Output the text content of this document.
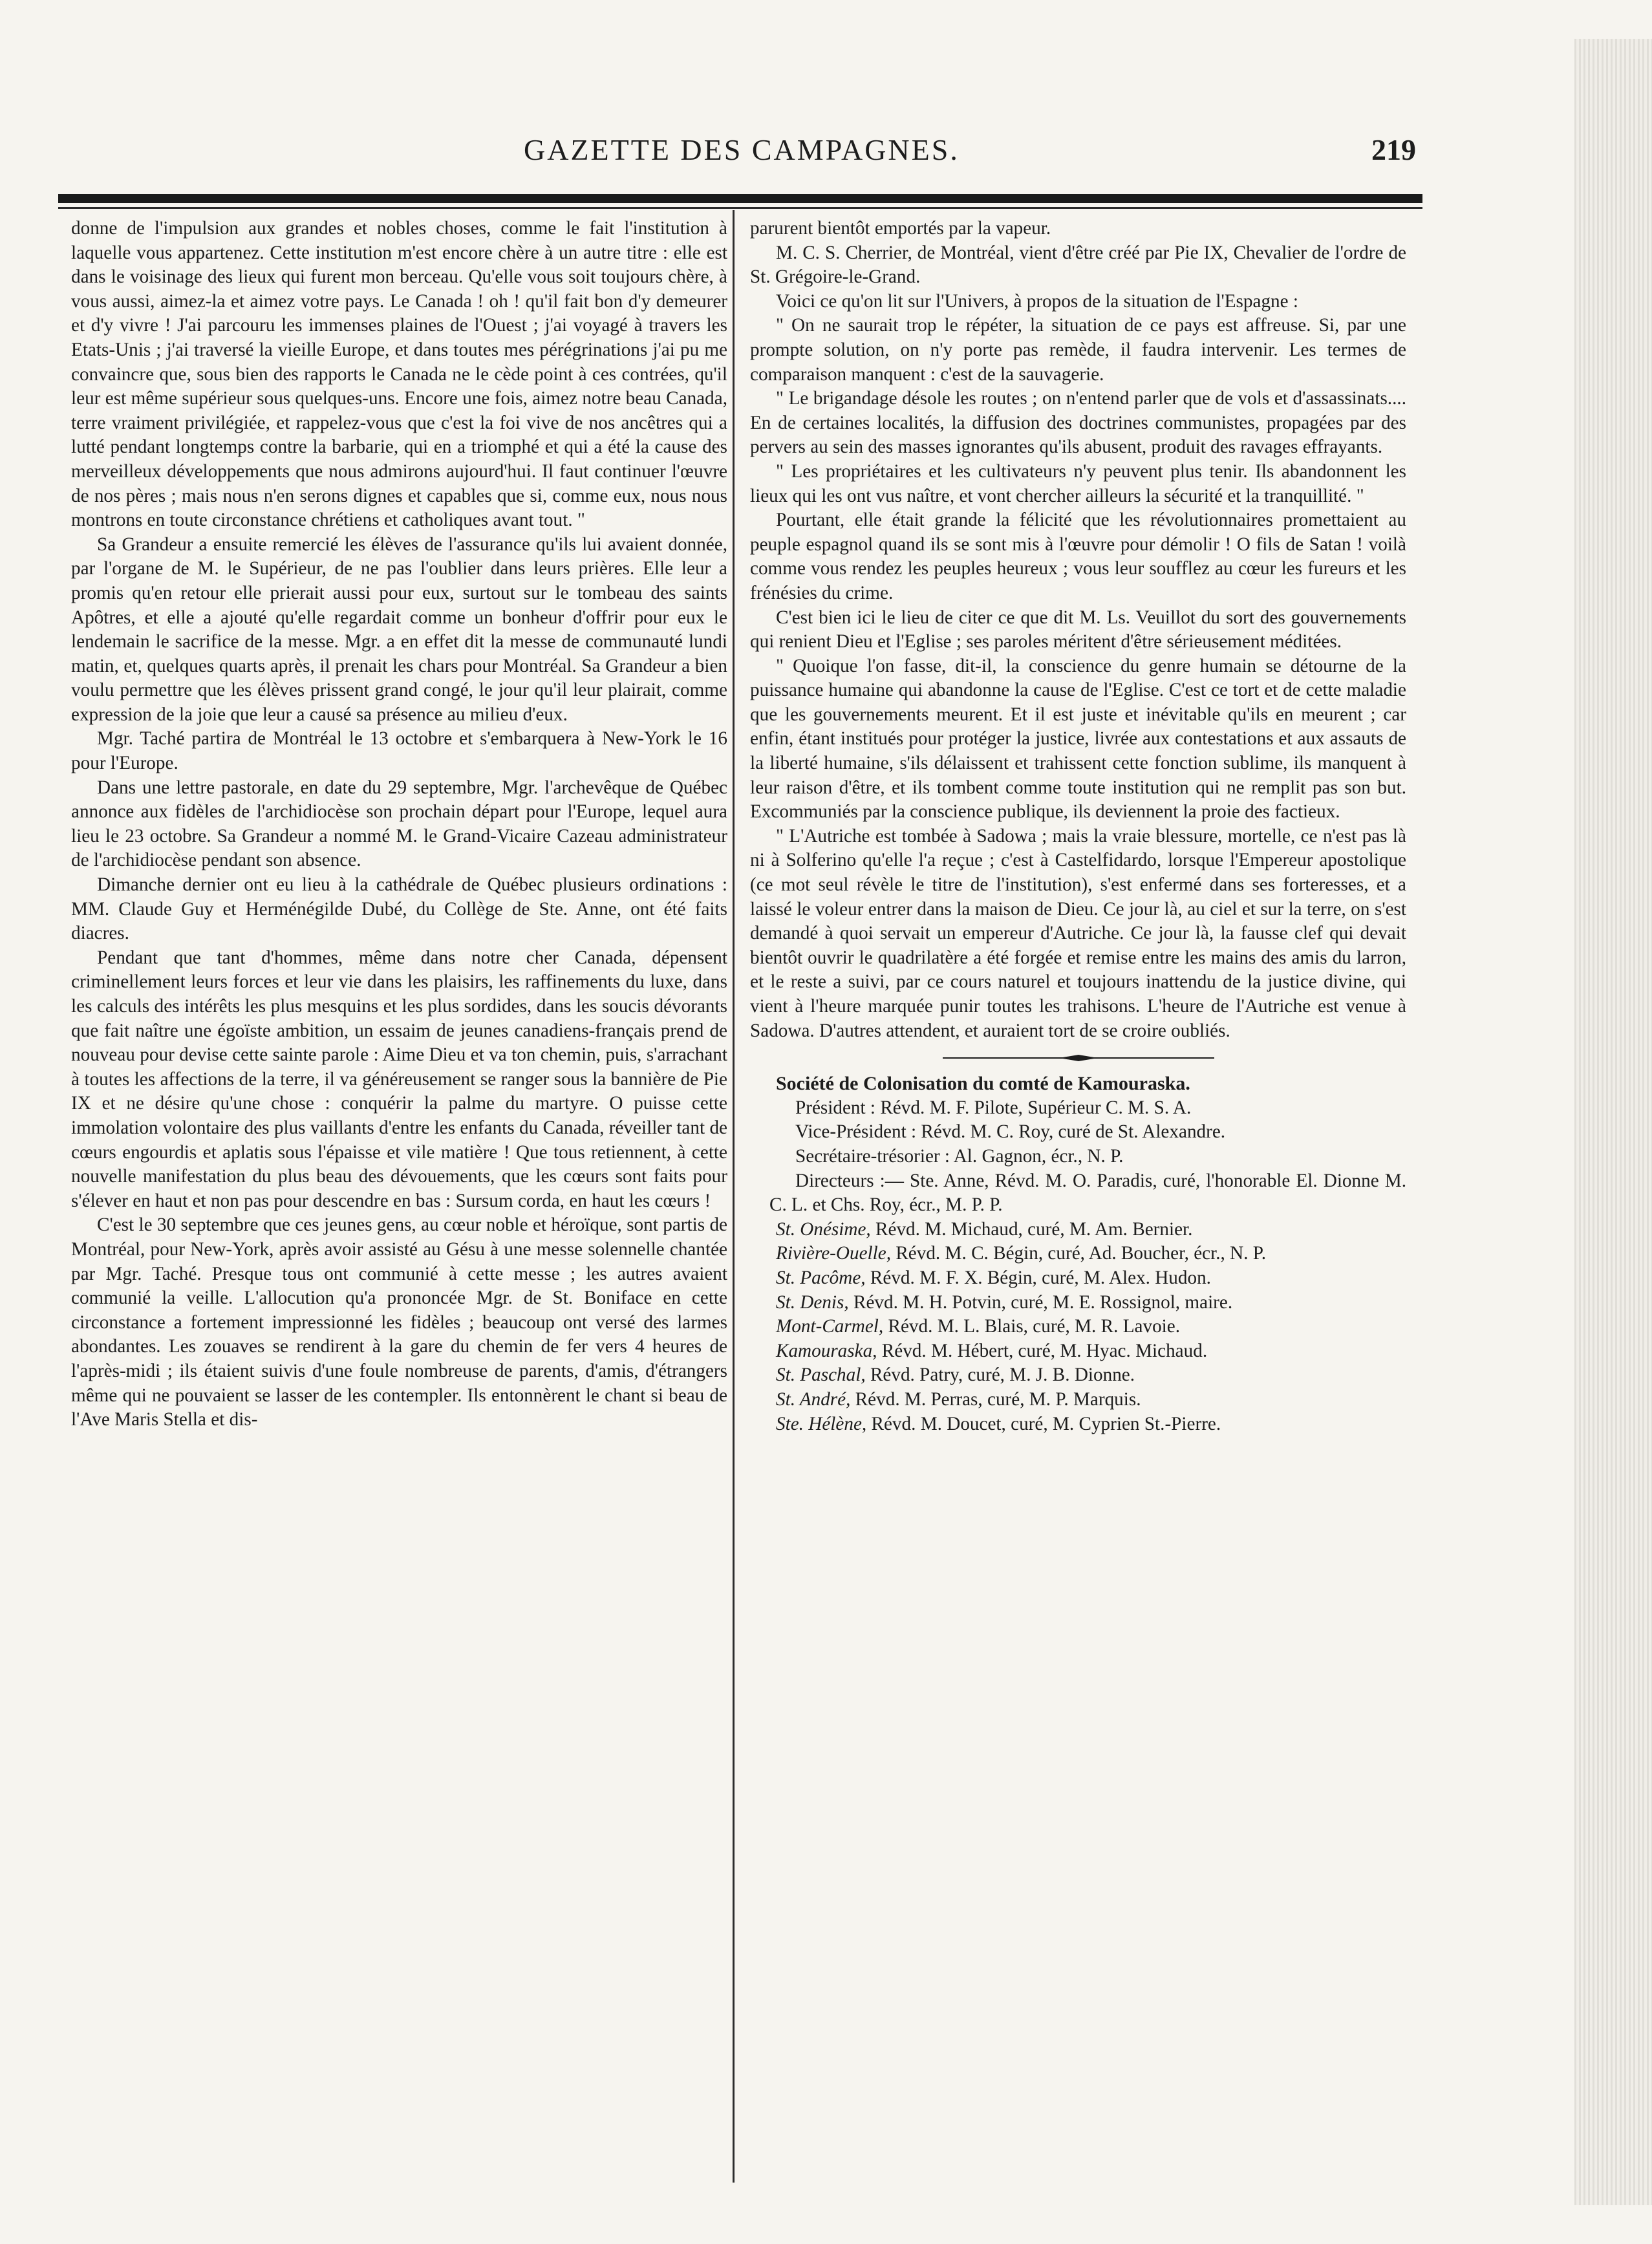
GAZETTE DES CAMPAGNES.	219

donne de l'impulsion aux grandes et nobles choses, comme le fait l'institution à laquelle vous appartenez. Cette institution m'est encore chère à un autre titre : elle est dans le voisinage des lieux qui furent mon berceau. Qu'elle vous soit toujours chère, à vous aussi, aimez-la et aimez votre pays. Le Canada ! oh ! qu'il fait bon d'y demeurer et d'y vivre ! J'ai parcouru les immenses plaines de l'Ouest ; j'ai voyagé à travers les Etats-Unis ; j'ai traversé la vieille Europe, et dans toutes mes pérégrinations j'ai pu me convaincre que, sous bien des rapports le Canada ne le cède point à ces contrées, qu'il leur est même supérieur sous quelques-uns. Encore une fois, aimez notre beau Canada, terre vraiment privilégiée, et rappelez-vous que c'est la foi vive de nos ancêtres qui a lutté pendant longtemps contre la barbarie, qui en a triomphé et qui a été la cause des merveilleux développements que nous admirons aujourd'hui. Il faut continuer l'œuvre de nos pères ; mais nous n'en serons dignes et capables que si, comme eux, nous nous montrons en toute circonstance chrétiens et catholiques avant tout. "

Sa Grandeur a ensuite remercié les élèves de l'assurance qu'ils lui avaient donnée, par l'organe de M. le Supérieur, de ne pas l'oublier dans leurs prières. Elle leur a promis qu'en retour elle prierait aussi pour eux, surtout sur le tombeau des saints Apôtres, et elle a ajouté qu'elle regardait comme un bonheur d'offrir pour eux le lendemain le sacrifice de la messe. Mgr. a en effet dit la messe de communauté lundi matin, et, quelques quarts après, il prenait les chars pour Montréal. Sa Grandeur a bien voulu permettre que les élèves prissent grand congé, le jour qu'il leur plairait, comme expression de la joie que leur a causé sa présence au milieu d'eux.

Mgr. Taché partira de Montréal le 13 octobre et s'embarquera à New-York le 16 pour l'Europe.

Dans une lettre pastorale, en date du 29 septembre, Mgr. l'archevêque de Québec annonce aux fidèles de l'archidiocèse son prochain départ pour l'Europe, lequel aura lieu le 23 octobre. Sa Grandeur a nommé M. le Grand-Vicaire Cazeau administrateur de l'archidiocèse pendant son absence.

Dimanche dernier ont eu lieu à la cathédrale de Québec plusieurs ordinations : MM. Claude Guy et Herménégilde Dubé, du Collège de Ste. Anne, ont été faits diacres.

Pendant que tant d'hommes, même dans notre cher Canada, dépensent criminellement leurs forces et leur vie dans les plaisirs, les raffinements du luxe, dans les calculs des intérêts les plus mesquins et les plus sordides, dans les soucis dévorants que fait naître une égoïste ambition, un essaim de jeunes canadiens-français prend de nouveau pour devise cette sainte parole : Aime Dieu et va ton chemin, puis, s'arrachant à toutes les affections de la terre, il va généreusement se ranger sous la bannière de Pie IX et ne désire qu'une chose : conquérir la palme du martyre. O puisse cette immolation volontaire des plus vaillants d'entre les enfants du Canada, réveiller tant de cœurs engourdis et aplatis sous l'épaisse et vile matière ! Que tous retiennent, à cette nouvelle manifestation du plus beau des dévouements, que les cœurs sont faits pour s'élever en haut et non pas pour descendre en bas : Sursum corda, en haut les cœurs !

C'est le 30 septembre que ces jeunes gens, au cœur noble et héroïque, sont partis de Montréal, pour New-York, après avoir assisté au Gésu à une messe solennelle chantée par Mgr. Taché. Presque tous ont communié à cette messe ; les autres avaient communié la veille. L'allocution qu'a prononcée Mgr. de St. Boniface en cette circonstance a fortement impressionné les fidèles ; beaucoup ont versé des larmes abondantes. Les zouaves se rendirent à la gare du chemin de fer vers 4 heures de l'après-midi ; ils étaient suivis d'une foule nombreuse de parents, d'amis, d'étrangers même qui ne pouvaient se lasser de les contempler. Ils entonnèrent le chant si beau de l'Ave Maris Stella et dis-

parurent bientôt emportés par la vapeur.

M. C. S. Cherrier, de Montréal, vient d'être créé par Pie IX, Chevalier de l'ordre de St. Grégoire-le-Grand.

Voici ce qu'on lit sur l'Univers, à propos de la situation de l'Espagne :

" On ne saurait trop le répéter, la situation de ce pays est affreuse. Si, par une prompte solution, on n'y porte pas remède, il faudra intervenir. Les termes de comparaison manquent : c'est de la sauvagerie.

" Le brigandage désole les routes ; on n'entend parler que de vols et d'assassinats.... En de certaines localités, la diffusion des doctrines communistes, propagées par des pervers au sein des masses ignorantes qu'ils abusent, produit des ravages effrayants.

" Les propriétaires et les cultivateurs n'y peuvent plus tenir. Ils abandonnent les lieux qui les ont vus naître, et vont chercher ailleurs la sécurité et la tranquillité. "

Pourtant, elle était grande la félicité que les révolutionnaires promettaient au peuple espagnol quand ils se sont mis à l'œuvre pour démolir ! O fils de Satan ! voilà comme vous rendez les peuples heureux ; vous leur soufflez au cœur les fureurs et les frénésies du crime.

C'est bien ici le lieu de citer ce que dit M. Ls. Veuillot du sort des gouvernements qui renient Dieu et l'Eglise ; ses paroles méritent d'être sérieusement méditées.

" Quoique l'on fasse, dit-il, la conscience du genre humain se détourne de la puissance humaine qui abandonne la cause de l'Eglise. C'est ce tort et de cette maladie que les gouvernements meurent. Et il est juste et inévitable qu'ils en meurent ; car enfin, étant institués pour protéger la justice, livrée aux contestations et aux assauts de la liberté humaine, s'ils délaissent et trahissent cette fonction sublime, ils manquent à leur raison d'être, et ils tombent comme toute institution qui ne remplit pas son but. Excommuniés par la conscience publique, ils deviennent la proie des factieux.

" L'Autriche est tombée à Sadowa ; mais la vraie blessure, mortelle, ce n'est pas là ni à Solferino qu'elle l'a reçue ; c'est à Castelfidardo, lorsque l'Empereur apostolique (ce mot seul révèle le titre de l'institution), s'est enfermé dans ses forteresses, et a laissé le voleur entrer dans la maison de Dieu. Ce jour là, au ciel et sur la terre, on s'est demandé à quoi servait un empereur d'Autriche. Ce jour là, la fausse clef qui devait bientôt ouvrir le quadrilatère a été forgée et remise entre les mains des amis du larron, et le reste a suivi, par ce cours naturel et toujours inattendu de la justice divine, qui vient à l'heure marquée punir toutes les trahisons. L'heure de l'Autriche est venue à Sadowa. D'autres attendent, et auraient tort de se croire oubliés.

Société de Colonisation du comté de Kamouraska.

Président : Révd. M. F. Pilote, Supérieur C. M. S. A.

Vice-Président : Révd. M. C. Roy, curé de St. Alexandre.

Secrétaire-trésorier : Al. Gagnon, écr., N. P.

Directeurs :— Ste. Anne, Révd. M. O. Paradis, curé, l'honorable El. Dionne M. C. L. et Chs. Roy, écr., M. P. P.

St. Onésime, Révd. M. Michaud, curé, M. Am. Bernier.

Rivière-Ouelle, Révd. M. C. Bégin, curé, Ad. Boucher, écr., N. P.

St. Pacôme, Révd. M. F. X. Bégin, curé, M. Alex. Hudon.

St. Denis, Révd. M. H. Potvin, curé, M. E. Rossignol, maire.

Mont-Carmel, Révd. M. L. Blais, curé, M. R. Lavoie.

Kamouraska, Révd. M. Hébert, curé, M. Hyac. Michaud.

St. Paschal, Révd. Patry, curé, M. J. B. Dionne.

St. André, Révd. M. Perras, curé, M. P. Marquis.

Ste. Hélène, Révd. M. Doucet, curé, M. Cyprien St.-Pierre.
